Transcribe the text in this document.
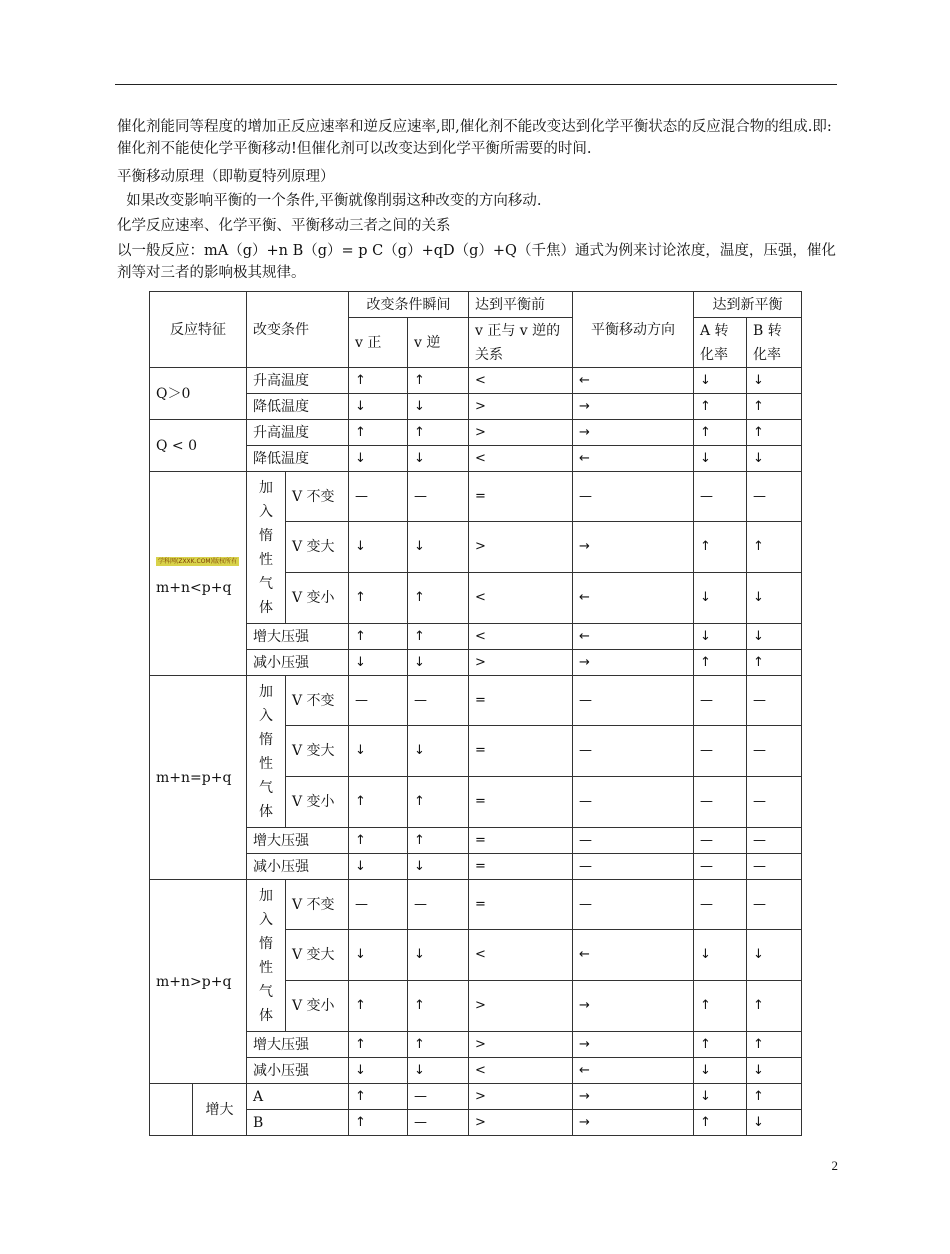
催化剂能同等程度的增加正反应速率和逆反应速率,即,催化剂不能改变达到化学平衡状态的反应混合物的组成.即:催化剂不能使化学平衡移动!但催化剂可以改变达到化学平衡所需要的时间.
平衡移动原理（即勒夏特列原理）
如果改变影响平衡的一个条件,平衡就像削弱这种改变的方向移动.
化学反应速率、化学平衡、平衡移动三者之间的关系
以一般反应：mA（g）+n B（g）= p C（g）+qD（g）+Q（千焦）通式为例来讨论浓度，温度，压强，催化剂等对三者的影响极其规律。
反应特征		改变条件		改变条件瞬间		达到平衡前	平衡移动方向	达到新平衡	
				v 正	v 逆	v 正与 v 逆的关系		A 转化率	B 转化率
Q＞0		升高温度		↑	↑	<	←	↓	↓
		降低温度		↓	↓	>	→	↑	↑
Q < 0		升高温度		↑	↑	>	→	↑	↑
		降低温度		↓	↓	<	←	↓	↓
学科网(ZXXK.COM)版权所有
m+n<p+q		加入惰性气体	V 不变	—	—	=	—	—	—
			V 变大	↓	↓	>	→	↑	↑
			V 变小	↑	↑	<	←	↓	↓
		增大压强		↑	↑	<	←	↓	↓
		减小压强		↓	↓	>	→	↑	↑
m+n=p+q		加入惰性气体	V 不变	—	—	=	—	—	—
			V 变大	↓	↓	=	—	—	—
			V 变小	↑	↑	=	—	—	—
		增大压强		↑	↑	=	—	—	—
		减小压强		↓	↓	=	—	—	—
m+n>p+q		加入惰性气体	V 不变	—	—	=	—	—	—
			V 变大	↓	↓	<	←	↓	↓
			V 变小	↑	↑	>	→	↑	↑
		增大压强		↑	↑	>	→	↑	↑
		减小压强		↓	↓	<	←	↓	↓
	增大	A		↑	—	>	→	↓	↑
		B		↑	—	>	→	↑	↓
2
